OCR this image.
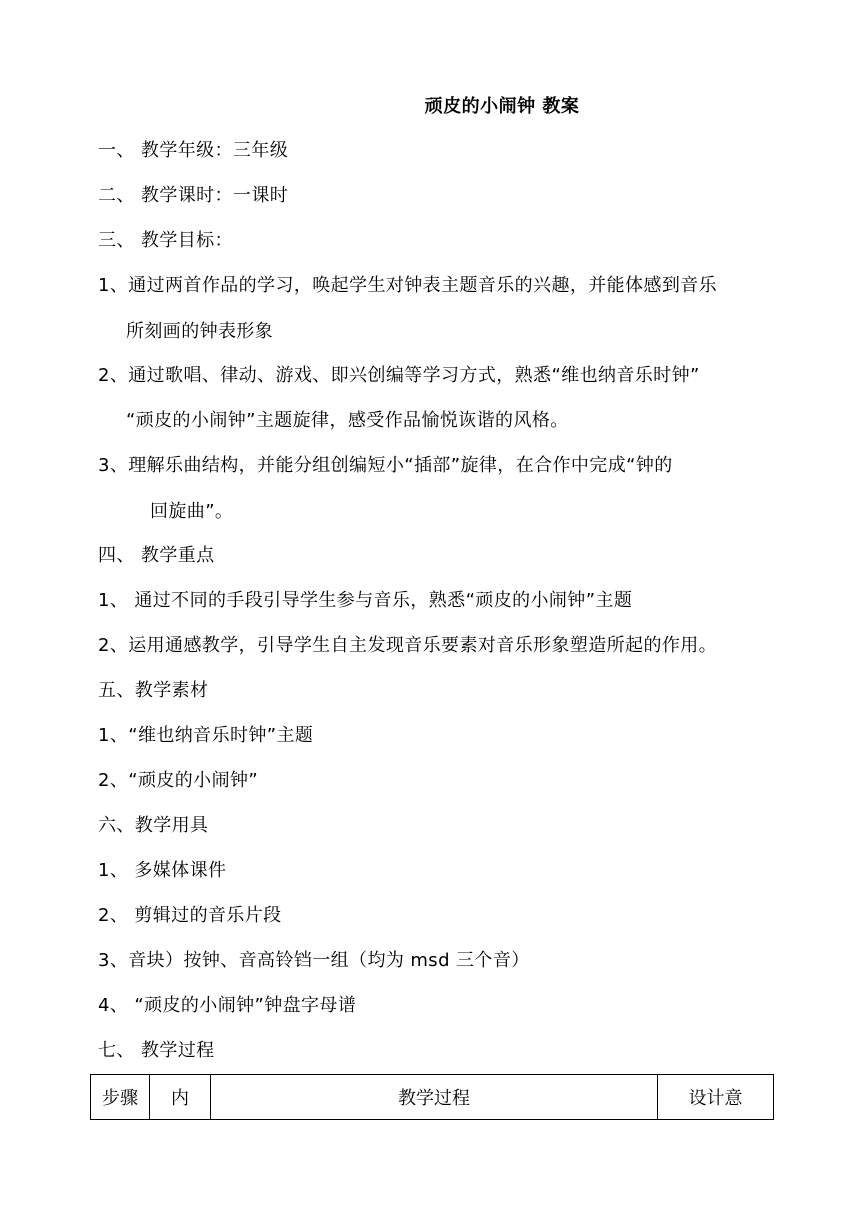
顽皮的小闹钟 教案
一、 教学年级：三年级
二、 教学课时：一课时
三、 教学目标：
1、通过两首作品的学习，唤起学生对钟表主题音乐的兴趣，并能体感到音乐
所刻画的钟表形象
2、通过歌唱、律动、游戏、即兴创编等学习方式，熟悉“维也纳音乐时钟”
“顽皮的小闹钟”主题旋律，感受作品愉悦诙谐的风格。
3、理解乐曲结构，并能分组创编短小“插部”旋律，在合作中完成“钟的
回旋曲”。
四、 教学重点
1、 通过不同的手段引导学生参与音乐，熟悉“顽皮的小闹钟”主题
2、运用通感教学，引导学生自主发现音乐要素对音乐形象塑造所起的作用。
五、教学素材
1、“维也纳音乐时钟”主题
2、“顽皮的小闹钟”
六、教学用具
1、 多媒体课件
2、 剪辑过的音乐片段
3、音块）按钟、音高铃铛一组（均为 msd 三个音）
4、 “顽皮的小闹钟”钟盘字母谱
七、 教学过程
步骤	内	教学过程	设计意
